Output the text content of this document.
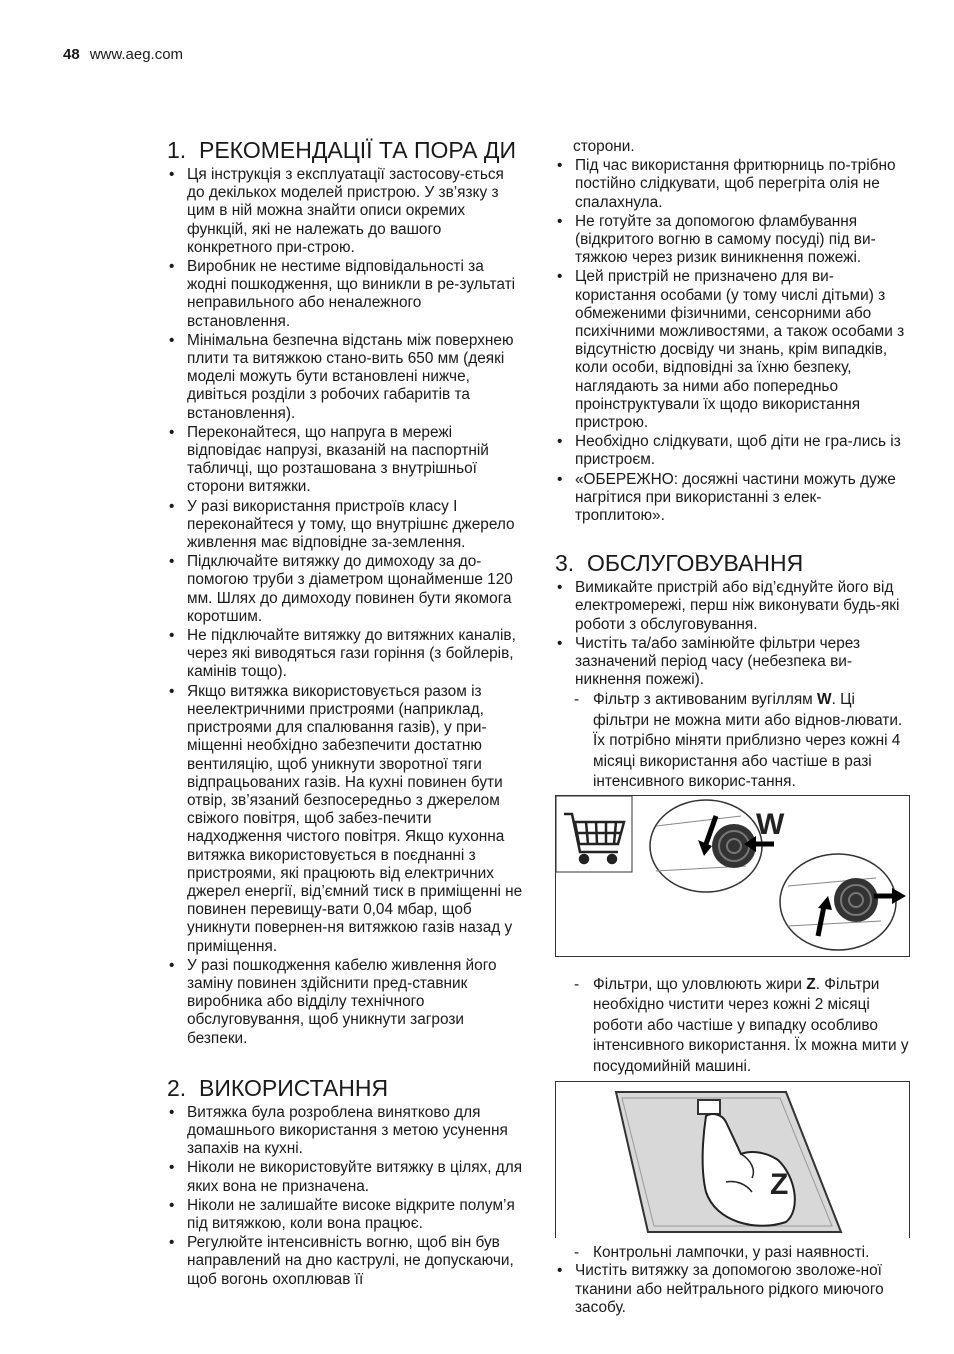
48 www.aeg.com
1. РЕКОМЕНДАЦІЇ ТА ПОРА ДИ
• Ця інструкція з експлуатації застосову-ється до декількох моделей пристрою. У зв’язку з цим в ній можна знайти описи окремих функцій, які не належать до вашого конкретного при-строю.
• Виробник не нестиме відповідальності за жодні пошкодження, що виникли в ре-зультаті неправильного або неналежного встановлення.
• Мінімальна безпечна відстань між поверхнею плити та витяжкою стано-вить 650 мм (деякі моделі можуть бути встановлені нижче, дивіться розділи з робочих габаритів та встановлення).
• Переконайтеся, що напруга в мережі відповідає напрузі, вказаній на паспортній табличці, що розташована з внутрішньої сторони витяжки.
• У разі використання пристроїв класу I переконайтеся у тому, що внутрішнє джерело живлення має відповідне за-землення.
• Підключайте витяжку до димоходу за до-помогою труби з діаметром щонайменше 120 мм. Шлях до димоходу повинен бути якомога коротшим.
• Не підключайте витяжку до витяжних каналів, через які виводяться гази горіння (з бойлерів, камінів тощо).
• Якщо витяжка використовується разом із неелектричними пристроями (наприклад, пристроями для спалювання газів), у при-міщенні необхідно забезпечити достатню вентиляцію, щоб уникнути зворотної тяги відпрацьованих газів. На кухні повинен бути отвір, зв’язаний безпосередньо з джерелом свіжого повітря, щоб забез-печити надходження чистого повітря. Якщо кухонна витяжка використовується в поєднанні з пристроями, які працюють від електричних джерел енергії, від’ємний тиск в приміщенні не повинен перевищу-вати 0,04 мбар, щоб уникнути повернен-ня витяжкою газів назад у приміщення.
• У разі пошкодження кабелю живлення його заміну повинен здійснити пред-ставник виробника або відділу технічного обслуговування, щоб уникнути загрози безпеки.
2. ВИКОРИСТАННЯ
• Витяжка була розроблена винятково для домашнього використання з метою усунення запахів на кухні.
• Ніколи не використовуйте витяжку в цілях, для яких вона не призначена.
• Ніколи не залишайте високе відкрите полум’я під витяжкою, коли вона працює.
• Регулюйте інтенсивність вогню, щоб він був направлений на дно каструлі, не допускаючи, щоб вогонь охоплював її
сторони.
• Під час використання фритюрниць по-трібно постійно слідкувати, щоб перегріта олія не спалахнула.
• Не готуйте за допомогою фламбування (відкритого вогню в самому посуді) під ви-тяжкою через ризик виникнення пожежі.
• Цей пристрій не призначено для ви-користання особами (у тому числі дітьми) з обмеженими фізичними, сенсорними або психічними можливостями, а також особами з відсутністю досвіду чи знань, крім випадків, коли особи, відповідні за їхню безпеку, наглядають за ними або попередньо проінструктували їх щодо використання пристрою.
• Необхідно слідкувати, щоб діти не гра-лись із пристроєм.
• «ОБЕРЕЖНО: досяжні частини можуть дуже нагрітися при використанні з елек-троплитою».
3. ОБСЛУГОВУВАННЯ
• Вимикайте пристрій або від’єднуйте його від електромережі, перш ніж виконувати будь-які роботи з обслуговування.
• Чистіть та/або замінюйте фільтри через зазначений період часу (небезпека ви-никнення пожежі).
- Фільтр з активованим вугіллям W. Ці фільтри не можна мити або віднов-лювати. Їх потрібно міняти приблизно через кожні 4 місяці використання або частіше в разі інтенсивного викорис-тання.
W
- Фільтри, що уловлюють жири Z. Фільтри необхідно чистити через кожні 2 місяці роботи або частіше у випадку особливо інтенсивного використання. Їх можна мити у посудомийній машині.
Z
- Контрольні лампочки, у разі наявності.
• Чистіть витяжку за допомогою зволоже-ної тканини або нейтрального рідкого миючого засобу.
